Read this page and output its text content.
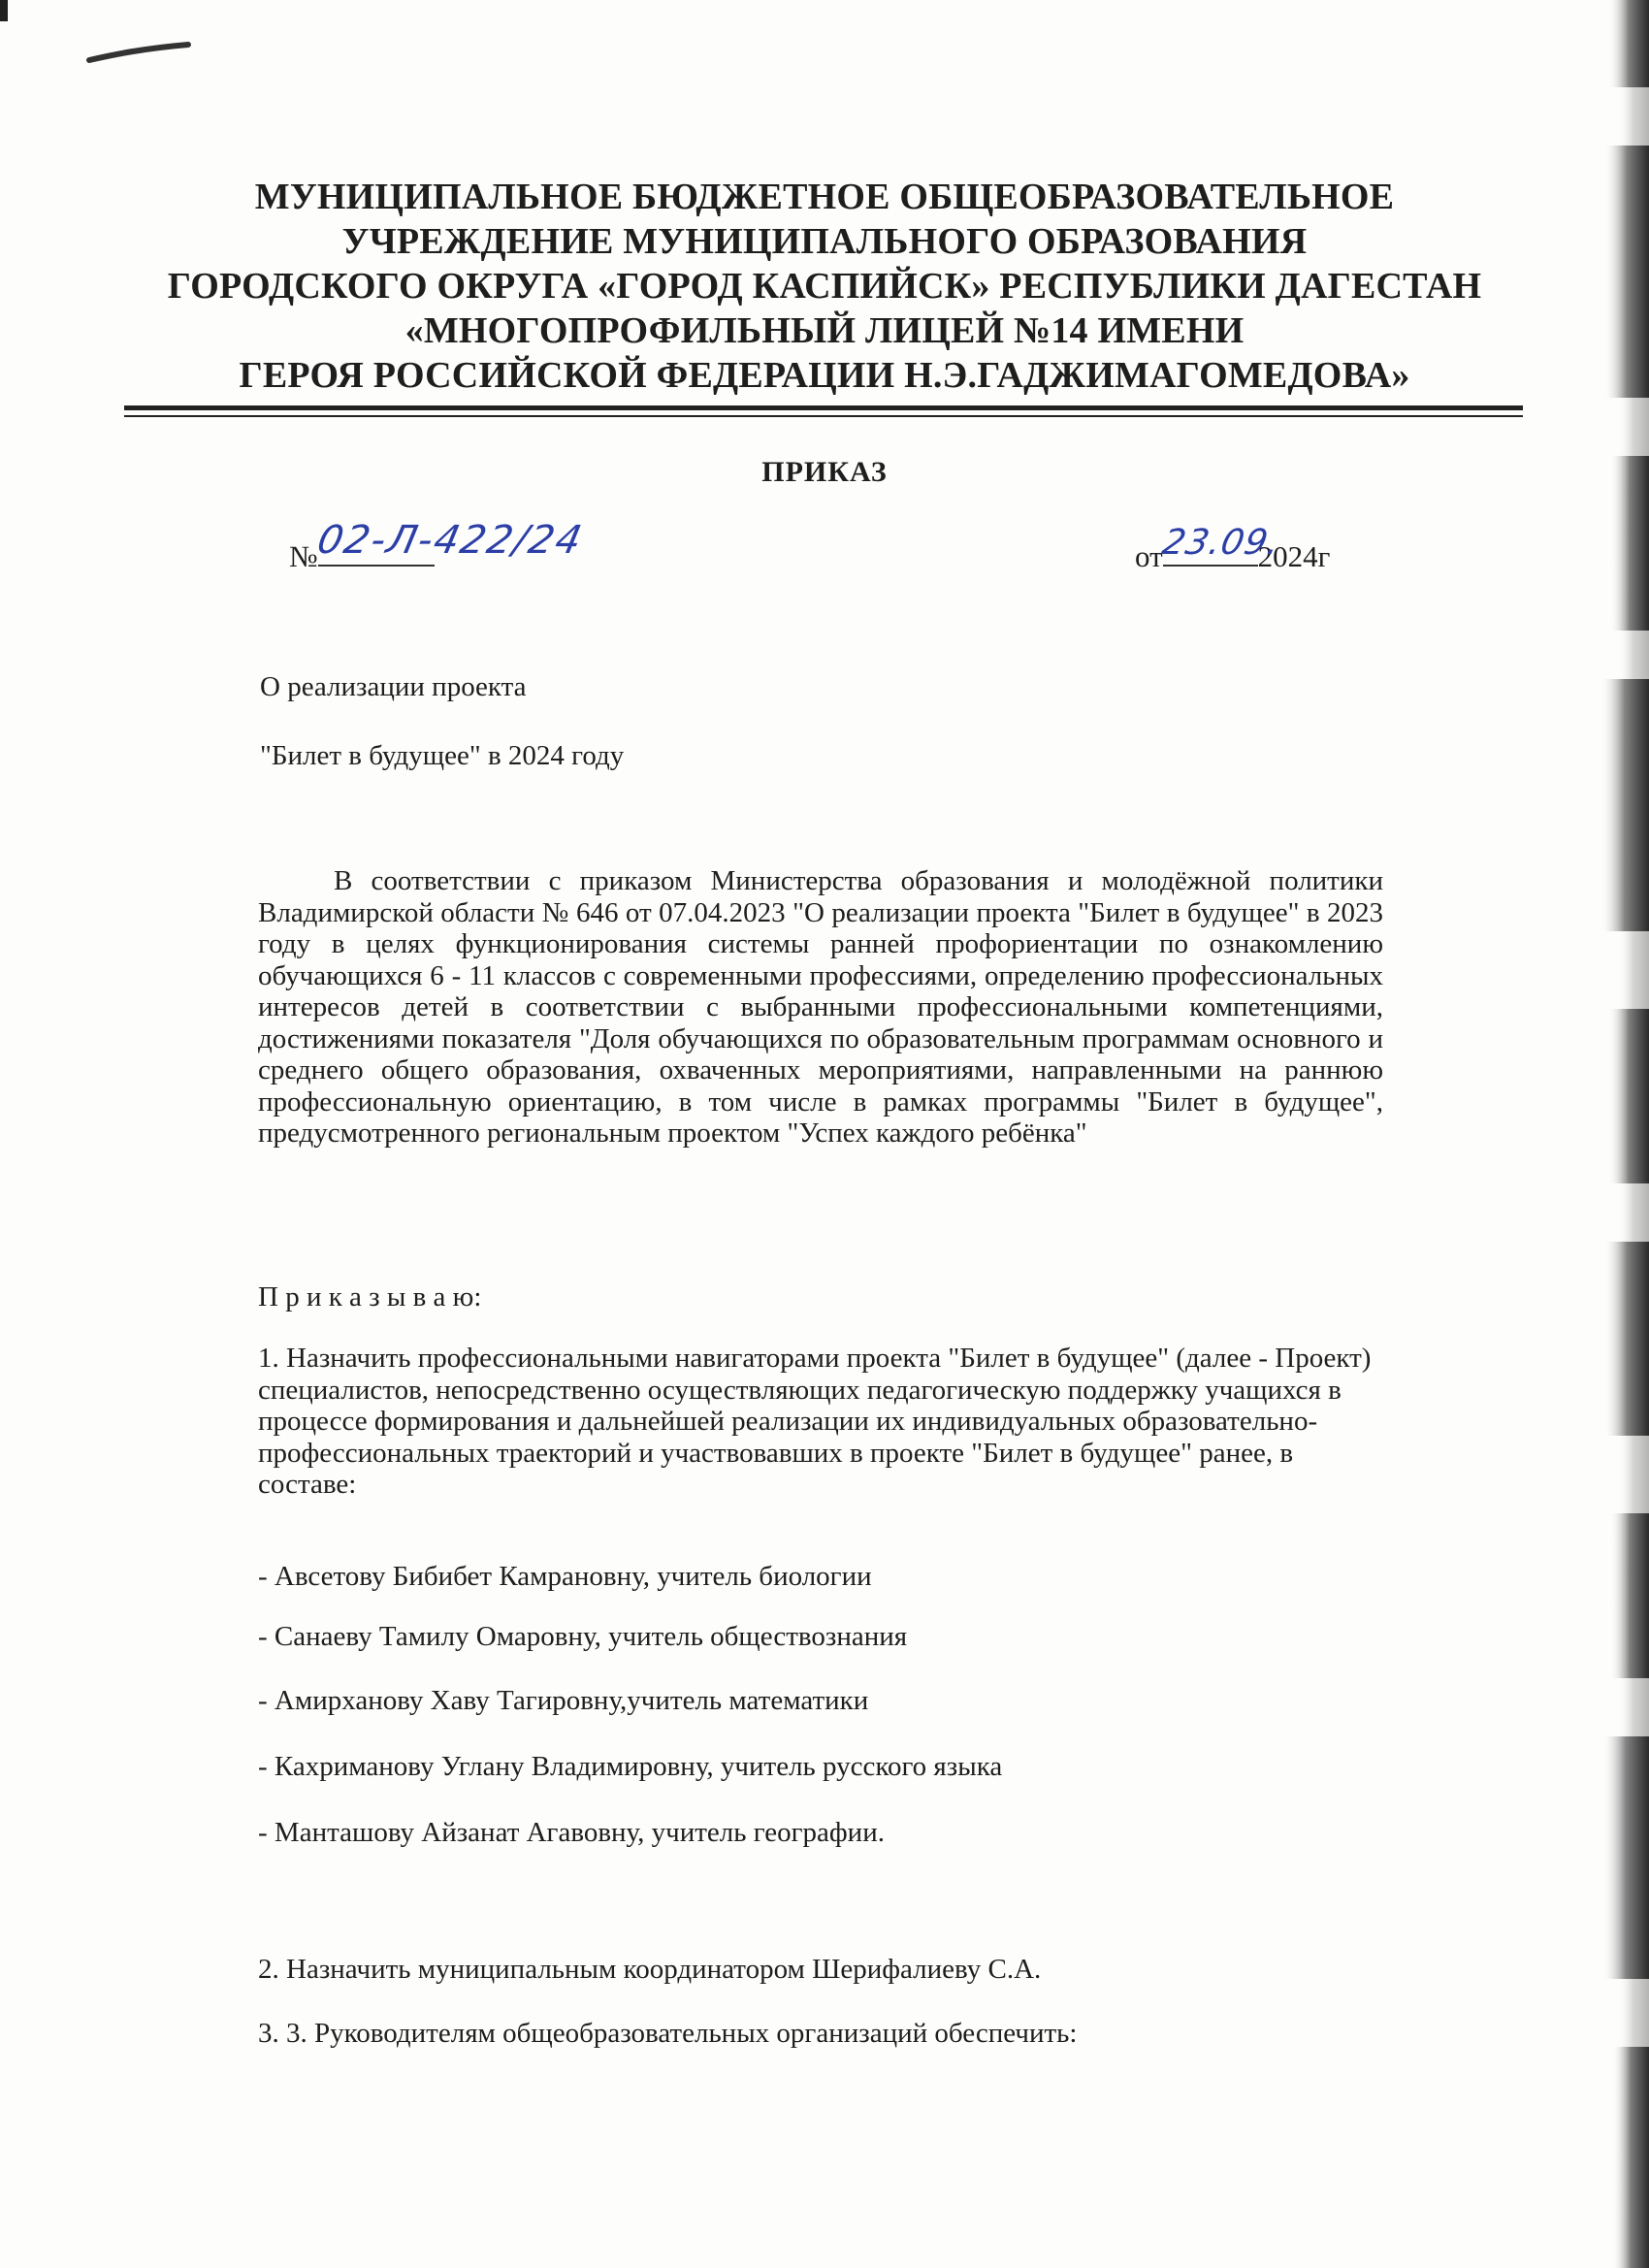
МУНИЦИПАЛЬНОЕ БЮДЖЕТНОЕ ОБЩЕОБРАЗОВАТЕЛЬНОЕ
УЧРЕЖДЕНИЕ МУНИЦИПАЛЬНОГО ОБРАЗОВАНИЯ
ГОРОДСКОГО ОКРУГА «ГОРОД КАСПИЙСК» РЕСПУБЛИКИ ДАГЕСТАН
«МНОГОПРОФИЛЬНЫЙ ЛИЦЕЙ №14 ИМЕНИ
ГЕРОЯ РОССИЙСКОЙ ФЕДЕРАЦИИ Н.Э.ГАДЖИМАГОМЕДОВА»
ПРИКАЗ
№
02-Л-422/24	от
23.09.
2024г
О реализации проекта
"Билет в будущее" в 2024 году
В соответствии с приказом Министерства образования и молодёжной политики Владимирской области № 646 от 07.04.2023 "О реализации проекта "Билет в будущее" в 2023 году в целях функционирования системы ранней профориентации по ознакомлению обучающихся 6 - 11 классов с современными профессиями, определению профессиональных интересов детей в соответствии с выбранными профессиональными компетенциями, достижениями показателя "Доля обучающихся по образовательным программам основного и среднего общего образования, охваченных мероприятиями, направленными на раннюю профессиональную ориентацию, в том числе в рамках программы "Билет в будущее", предусмотренного региональным проектом "Успех каждого ребёнка"
П р и к а з ы в а ю:
1. Назначить профессиональными навигаторами проекта "Билет в будущее" (далее - Проект) специалистов, непосредственно осуществляющих педагогическую поддержку учащихся в процессе формирования и дальнейшей реализации их индивидуальных образовательно-профессиональных траекторий и участвовавших в проекте "Билет в будущее" ранее, в составе:
- Авсетову Бибибет Камрановну, учитель биологии
- Санаеву Тамилу Омаровну, учитель обществознания
- Амирханову Хаву Тагировну,учитель математики
- Кахриманову Углану Владимировну, учитель русского языка
- Манташову Айзанат Агавовну, учитель географии.
2. Назначить муниципальным координатором Шерифалиеву С.А.
3. 3. Руководителям общеобразовательных организаций обеспечить:
